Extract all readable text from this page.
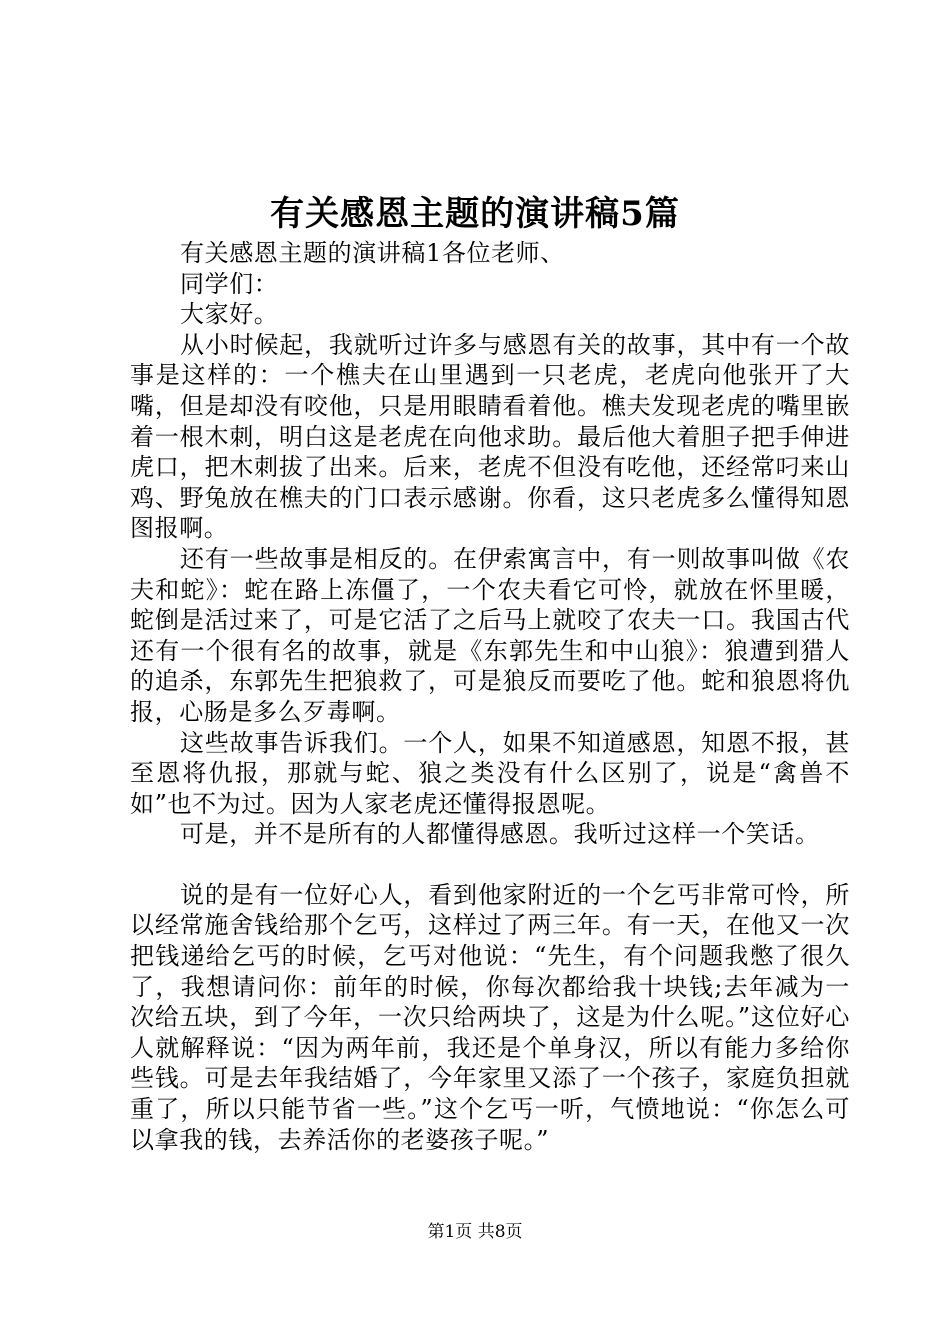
有关感恩主题的演讲稿5篇

有关感恩主题的演讲稿1各位老师、

同学们：

大家好。

从小时候起，我就听过许多与感恩有关的故事，其中有一个故事是这样的：一个樵夫在山里遇到一只老虎，老虎向他张开了大嘴，但是却没有咬他，只是用眼睛看着他。樵夫发现老虎的嘴里嵌着一根木刺，明白这是老虎在向他求助。最后他大着胆子把手伸进虎口，把木刺拔了出来。后来，老虎不但没有吃他，还经常叼来山鸡、野兔放在樵夫的门口表示感谢。你看，这只老虎多么懂得知恩图报啊。

还有一些故事是相反的。在伊索寓言中，有一则故事叫做《农夫和蛇》：蛇在路上冻僵了，一个农夫看它可怜，就放在怀里暖，蛇倒是活过来了，可是它活了之后马上就咬了农夫一口。我国古代还有一个很有名的故事，就是《东郭先生和中山狼》：狼遭到猎人的追杀，东郭先生把狼救了，可是狼反而要吃了他。蛇和狼恩将仇报，心肠是多么歹毒啊。

这些故事告诉我们。一个人，如果不知道感恩，知恩不报，甚至恩将仇报，那就与蛇、狼之类没有什么区别了，说是“禽兽不如”也不为过。因为人家老虎还懂得报恩呢。

可是，并不是所有的人都懂得感恩。我听过这样一个笑话。

说的是有一位好心人，看到他家附近的一个乞丐非常可怜，所以经常施舍钱给那个乞丐，这样过了两三年。有一天，在他又一次把钱递给乞丐的时候，乞丐对他说：“先生，有个问题我憋了很久了，我想请问你：前年的时候，你每次都给我十块钱;去年减为一次给五块，到了今年，一次只给两块了，这是为什么呢。”这位好心人就解释说：“因为两年前，我还是个单身汉，所以有能力多给你些钱。可是去年我结婚了，今年家里又添了一个孩子，家庭负担就重了，所以只能节省一些。”这个乞丐一听，气愤地说：“你怎么可以拿我的钱，去养活你的老婆孩子呢。”

第1页 共8页
